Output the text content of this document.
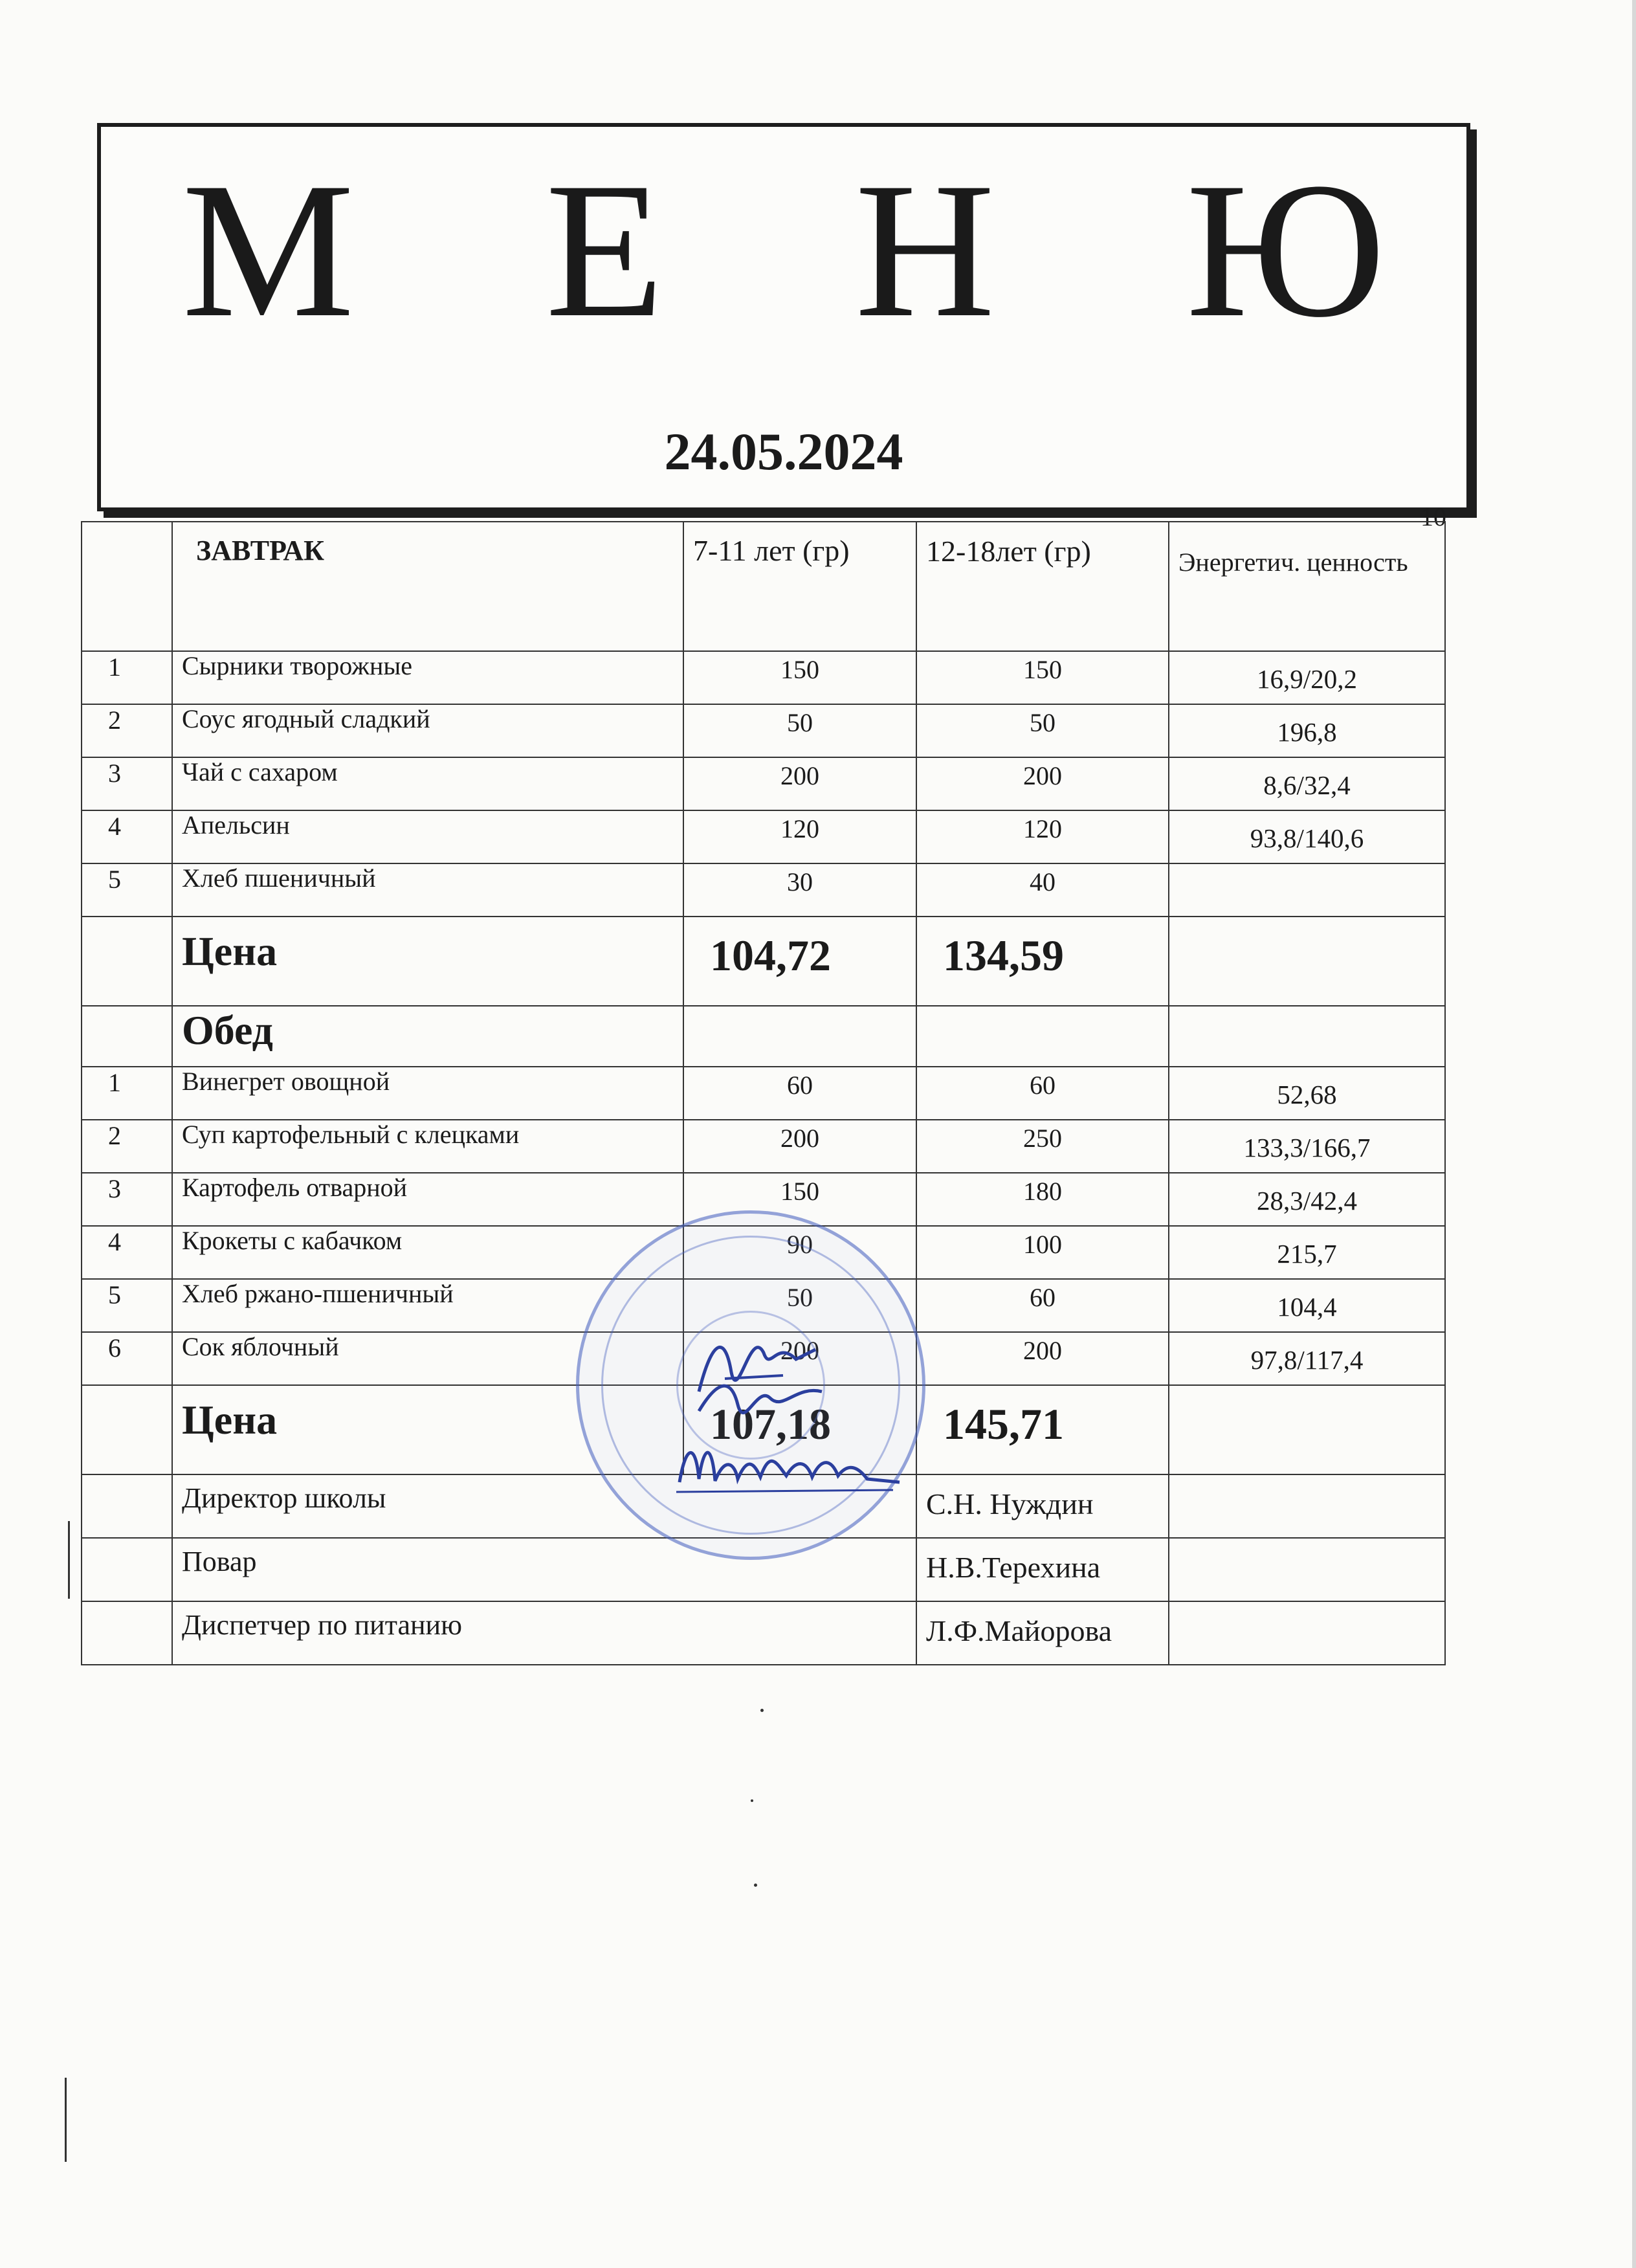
М Е Н Ю
24.05.2024
10
	ЗАВТРАК	7-11 лет (гр)	12-18лет (гр)	Энергетич. ценность
1	Сырники творожные	150	150	16,9/20,2
2	Соус ягодный сладкий	50	50	196,8
3	Чай с сахаром	200	200	8,6/32,4
4	Апельсин	120	120	93,8/140,6
5	Хлеб пшеничный	30	40	
	Цена	104,72	134,59	
	Обед			
1	Винегрет овощной	60	60	52,68
2	Суп картофельный с клецками	200	250	133,3/166,7
3	Картофель отварной	150	180	28,3/42,4
4	Крокеты с кабачком	90	100	215,7
5	Хлеб ржано-пшеничный	50	60	104,4
6	Сок яблочный	200	200	97,8/117,4
	Цена	107,18	145,71	
	Директор школы		С.Н. Нуждин	
	Повар		Н.В.Терехина	
	Диспетчер по питанию		Л.Ф.Майорова	
